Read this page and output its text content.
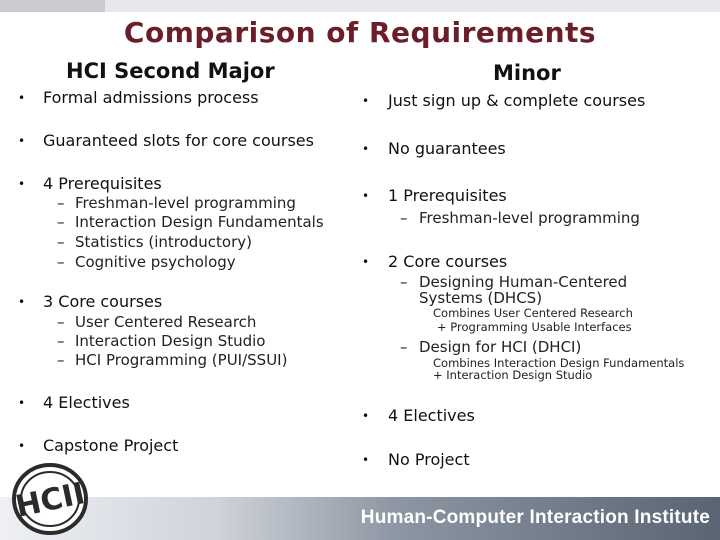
Comparison of Requirements
HCI Second Major	Minor
• Formal admissions process
• Guaranteed slots for core courses
• 4 Prerequisites
– Freshman-level programming
– Interaction Design Fundamentals
– Statistics (introductory)
– Cognitive psychology
• 3 Core courses
– User Centered Research
– Interaction Design Studio
– HCI Programming (PUI/SSUI)
• 4 Electives
• Capstone Project
• Just sign up & complete courses
• No guarantees
• 1 Prerequisites
– Freshman-level programming
• 2 Core courses
– Designing Human-Centered
Systems (DHCS)
Combines User Centered Research
+ Programming Usable Interfaces
– Design for HCI (DHCI)
Combines Interaction Design Fundamentals
+ Interaction Design Studio
• 4 Electives
• No Project
Human-Computer Interaction Institute
HCII
